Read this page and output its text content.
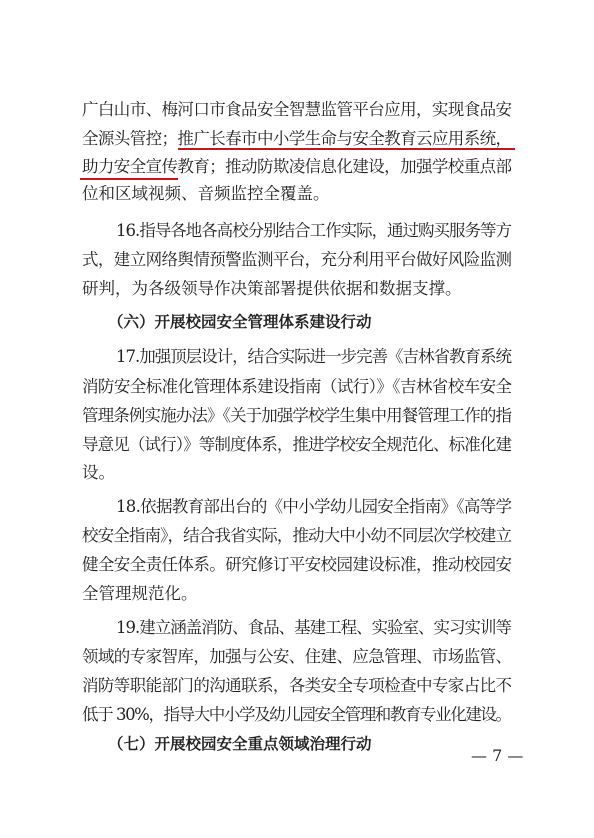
广白山市、梅河口市食品安全智慧监管平台应用，实现食品安
全源头管控；推广长春市中小学生命与安全教育云应用系统，
助力安全宣传教育；推动防欺凌信息化建设，加强学校重点部
位和区域视频、音频监控全覆盖。
16.指导各地各高校分别结合工作实际，通过购买服务等方
式，建立网络舆情预警监测平台，充分利用平台做好风险监测
研判，为各级领导作决策部署提供依据和数据支撑。
（六）开展校园安全管理体系建设行动
17.加强顶层设计，结合实际进一步完善《吉林省教育系统
消防安全标准化管理体系建设指南（试行）》《吉林省校车安全
管理条例实施办法》《关于加强学校学生集中用餐管理工作的指
导意见（试行）》等制度体系，推进学校安全规范化、标准化建
设。
18.依据教育部出台的《中小学幼儿园安全指南》《高等学
校安全指南》，结合我省实际，推动大中小幼不同层次学校建立
健全安全责任体系。研究修订平安校园建设标准，推动校园安
全管理规范化。
19.建立涵盖消防、食品、基建工程、实验室、实习实训等
领域的专家智库，加强与公安、住建、应急管理、市场监管、
消防等职能部门的沟通联系，各类安全专项检查中专家占比不
低于 30%，指导大中小学及幼儿园安全管理和教育专业化建设。
（七）开展校园安全重点领域治理行动
— 7 —
